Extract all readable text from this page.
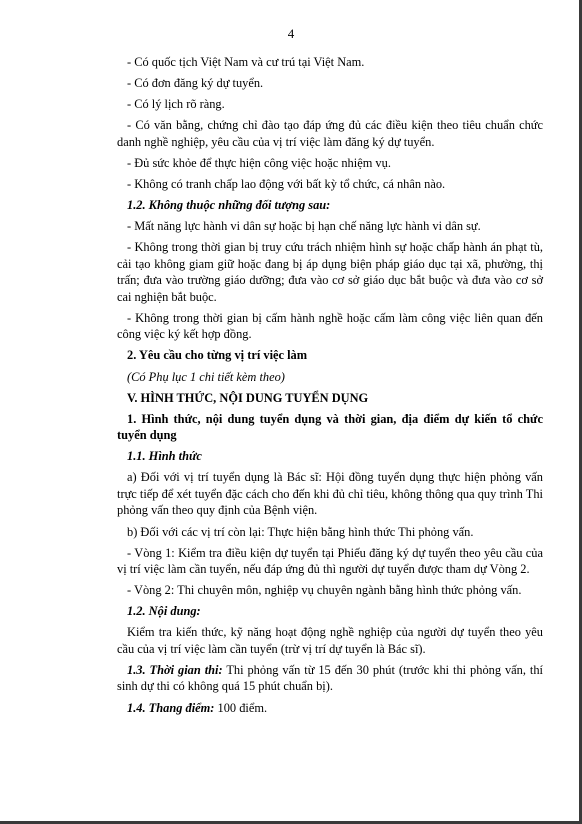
4

- Có quốc tịch Việt Nam và cư trú tại Việt Nam.

- Có đơn đăng ký dự tuyển.

- Có lý lịch rõ ràng.

- Có văn bằng, chứng chỉ đào tạo đáp ứng đủ các điều kiện theo tiêu chuẩn chức danh nghề nghiệp, yêu cầu của vị trí việc làm đăng ký dự tuyển.

- Đủ sức khỏe để thực hiện công việc hoặc nhiệm vụ.

- Không có tranh chấp lao động với bất kỳ tổ chức, cá nhân nào.

1.2. Không thuộc những đối tượng sau:

- Mất năng lực hành vi dân sự hoặc bị hạn chế năng lực hành vi dân sự.

- Không trong thời gian bị truy cứu trách nhiệm hình sự hoặc chấp hành án phạt tù, cải tạo không giam giữ hoặc đang bị áp dụng biện pháp giáo dục tại xã, phường, thị trấn; đưa vào trường giáo dưỡng; đưa vào cơ sở giáo dục bắt buộc và đưa vào cơ sở cai nghiện bắt buộc.

- Không trong thời gian bị cấm hành nghề hoặc cấm làm công việc liên quan đến công việc ký kết hợp đồng.

2. Yêu cầu cho từng vị trí việc làm

(Có Phụ lục 1 chi tiết kèm theo)

V. HÌNH THỨC, NỘI DUNG TUYỂN DỤNG

1. Hình thức, nội dung tuyển dụng và thời gian, địa điểm dự kiến tổ chức tuyển dụng

1.1. Hình thức

a) Đối với vị trí tuyển dụng là Bác sĩ: Hội đồng tuyển dụng thực hiện phỏng vấn trực tiếp để xét tuyển đặc cách cho đến khi đủ chỉ tiêu, không thông qua quy trình Thi phỏng vấn theo quy định của Bệnh viện.

b) Đối với các vị trí còn lại: Thực hiện bằng hình thức Thi phỏng vấn.

- Vòng 1: Kiểm tra điều kiện dự tuyển tại Phiếu đăng ký dự tuyển theo yêu cầu của vị trí việc làm cần tuyển, nếu đáp ứng đủ thì người dự tuyển được tham dự Vòng 2.

- Vòng 2: Thi chuyên môn, nghiệp vụ chuyên ngành bằng hình thức phỏng vấn.

1.2. Nội dung:

Kiểm tra kiến thức, kỹ năng hoạt động nghề nghiệp của người dự tuyển theo yêu cầu của vị trí việc làm cần tuyển (trừ vị trí dự tuyển là Bác sĩ).

1.3. Thời gian thi: Thi phỏng vấn từ 15 đến 30 phút (trước khi thi phỏng vấn, thí sinh dự thi có không quá 15 phút chuẩn bị).

1.4. Thang điểm: 100 điểm.
